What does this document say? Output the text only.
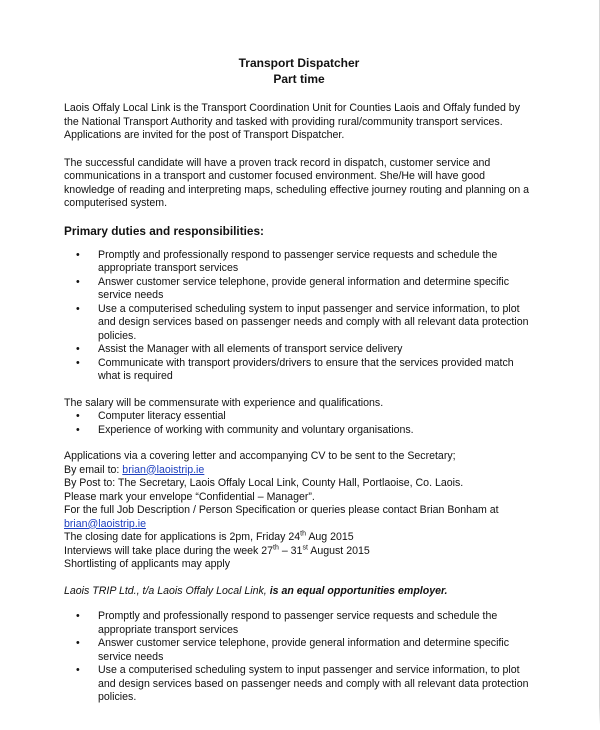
Transport Dispatcher
Part time

Laois Offaly Local Link is the Transport Coordination Unit for Counties Laois and Offaly funded by the National Transport Authority and tasked with providing rural/community transport services. Applications are invited for the post of Transport Dispatcher.

The successful candidate will have a proven track record in dispatch, customer service and communications in a transport and customer focused environment. She/He will have good knowledge of reading and interpreting maps, scheduling effective journey routing and planning on a computerised system.

Primary duties and responsibilities:
• Promptly and professionally respond to passenger service requests and schedule the appropriate transport services
• Answer customer service telephone, provide general information and determine specific service needs
• Use a computerised scheduling system to input passenger and service information, to plot and design services based on passenger needs and comply with all relevant data protection policies.
• Assist the Manager with all elements of transport service delivery
• Communicate with transport providers/drivers to ensure that the services provided match what is required

The salary will be commensurate with experience and qualifications.

• Computer literacy essential
• Experience of working with community and voluntary organisations.

Applications via a covering letter and accompanying CV to be sent to the Secretary;

By email to: brian@laoistrip.ie

By Post to: The Secretary, Laois Offaly Local Link, County Hall, Portlaoise, Co. Laois.

Please mark your envelope “Confidential – Manager”.

For the full Job Description / Person Specification or queries please contact Brian Bonham at

brian@laoistrip.ie

The closing date for applications is 2pm, Friday 24th Aug 2015

Interviews will take place during the week 27th – 31st August 2015

Shortlisting of applicants may apply

Laois TRIP Ltd., t/a Laois Offaly Local Link, is an equal opportunities employer.

• Promptly and professionally respond to passenger service requests and schedule the appropriate transport services
• Answer customer service telephone, provide general information and determine specific service needs
• Use a computerised scheduling system to input passenger and service information, to plot and design services based on passenger needs and comply with all relevant data protection policies.
